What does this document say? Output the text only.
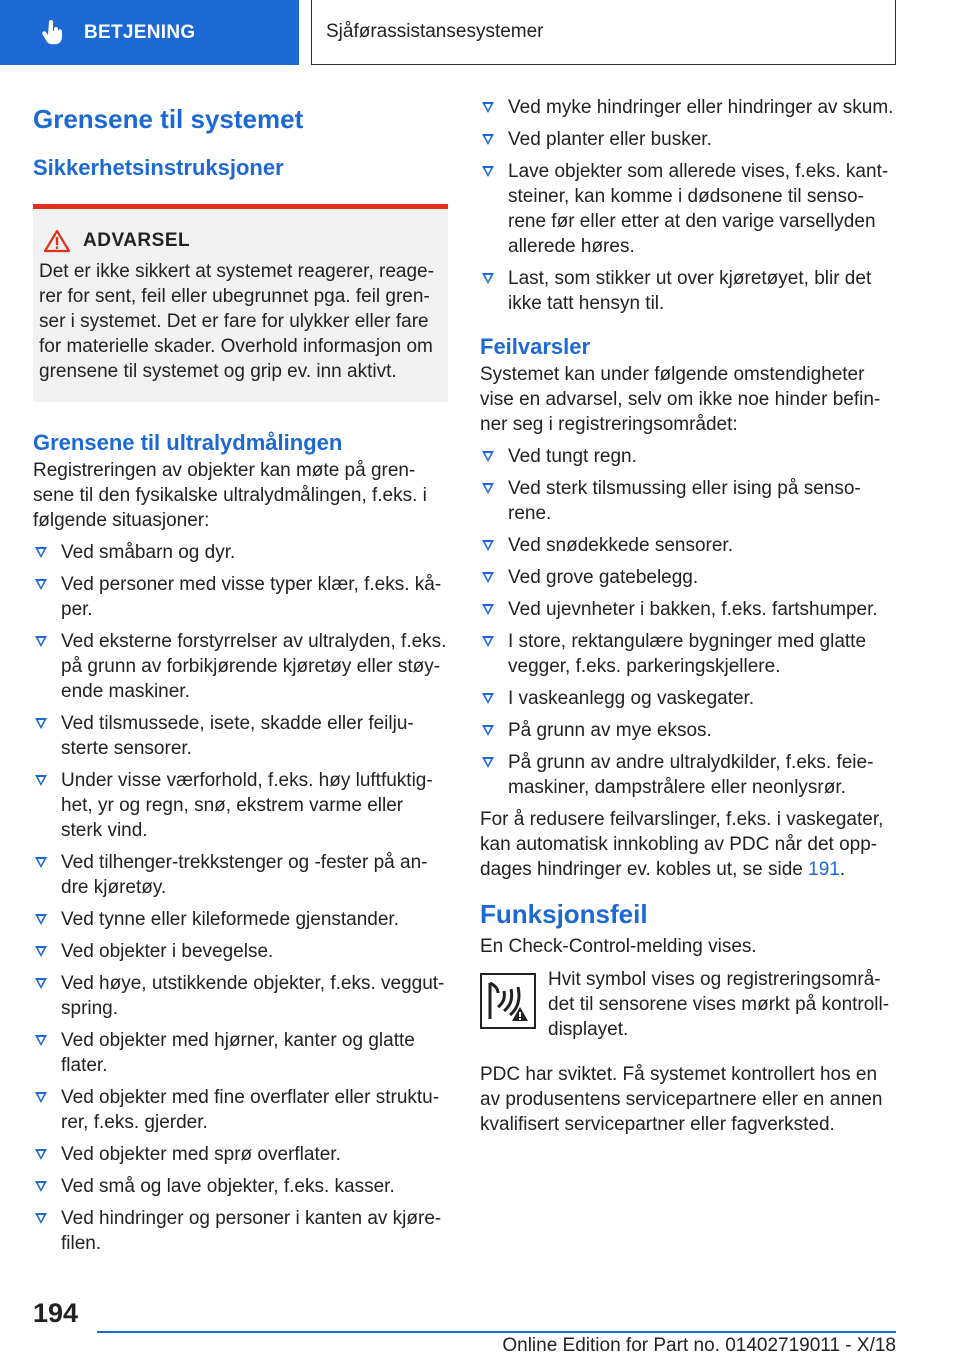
BETJENING	Sjåførassistansesystemer
Grensene til systemet
Sikkerhetsinstruksjoner
ADVARSEL

Det er ikke sikkert at systemet reagerer, reage- rer for sent, feil eller ubegrunnet pga. feil gren- ser i systemet. Det er fare for ulykker eller fare for materielle skader. Overhold informasjon om grensene til systemet og grip ev. inn aktivt.

Grensene til ultralydmålingen

Registreringen av objekter kan møte på gren- sene til den fysikalske ultralydmålingen, f.eks. i følgende situasjoner:

Ved småbarn og dyr.
Ved personer med visse typer klær, f.eks. kå- per.
Ved eksterne forstyrrelser av ultralyden, f.eks. på grunn av forbikjørende kjøretøy eller støy- ende maskiner.
Ved tilsmussede, isete, skadde eller feilju- sterte sensorer.
Under visse værforhold, f.eks. høy luftfuktig- het, yr og regn, snø, ekstrem varme eller sterk vind.
Ved tilhenger-trekkstenger og -fester på an- dre kjøretøy.
Ved tynne eller kileformede gjenstander.
Ved objekter i bevegelse.
Ved høye, utstikkende objekter, f.eks. veggut- spring.
Ved objekter med hjørner, kanter og glatte flater.
Ved objekter med fine overflater eller struktu- rer, f.eks. gjerder.
Ved objekter med sprø overflater.
Ved små og lave objekter, f.eks. kasser.
Ved hindringer og personer i kanten av kjøre- filen.
Ved myke hindringer eller hindringer av skum.
Ved planter eller busker.
Lave objekter som allerede vises, f.eks. kant- steiner, kan komme i dødsonene til senso- rene før eller etter at den varige varsellyden allerede høres.
Last, som stikker ut over kjøretøyet, blir det ikke tatt hensyn til.
Feilvarsler

Systemet kan under følgende omstendigheter vise en advarsel, selv om ikke noe hinder befin- ner seg i registreringsområdet:

Ved tungt regn.
Ved sterk tilsmussing eller ising på senso- rene.
Ved snødekkede sensorer.
Ved grove gatebelegg.
Ved ujevnheter i bakken, f.eks. fartshumper.
I store, rektangulære bygninger med glatte vegger, f.eks. parkeringskjellere.
I vaskeanlegg og vaskegater.
På grunn av mye eksos.
På grunn av andre ultralydkilder, f.eks. feie- maskiner, dampstrålere eller neonlysrør.

For å redusere feilvarslinger, f.eks. i vaskegater, kan automatisk innkobling av PDC når det opp- dages hindringer ev. kobles ut, se side 191.

Funksjonsfeil

En Check-Control-melding vises.

Hvit symbol vises og registreringsområ- det til sensorene vises mørkt på kontroll- displayet.

PDC har sviktet. Få systemet kontrollert hos en av produsentens servicepartnere eller en annen kvalifisert servicepartner eller fagverksted.

194
Online Edition for Part no. 01402719011 - X/18
